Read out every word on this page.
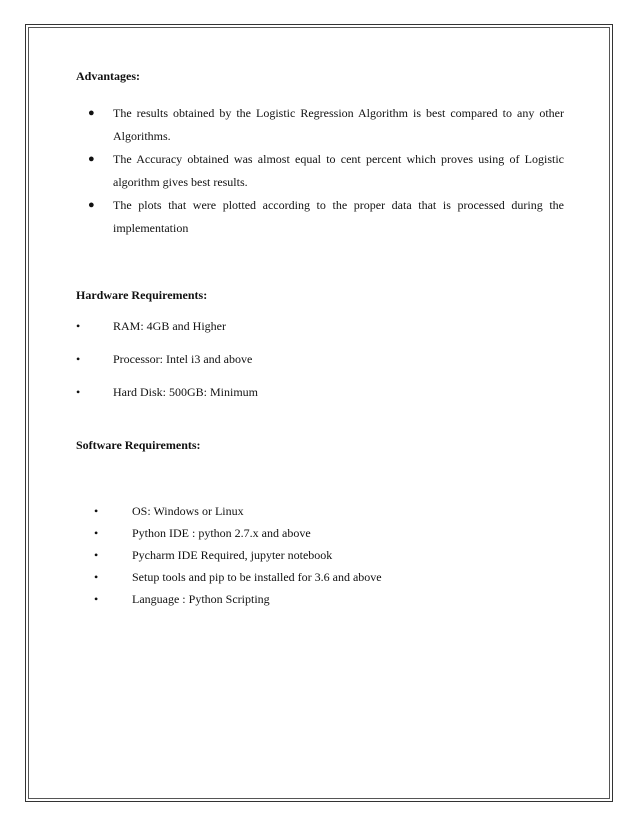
Advantages:

● The results obtained by the Logistic Regression Algorithm is best compared to any other Algorithms.
● The Accuracy obtained was almost equal to cent percent which proves using of Logistic algorithm gives best results.
● The plots that were plotted according to the proper data that is processed during the implementation

Hardware Requirements:

•	RAM: 4GB and Higher
•	Processor: Intel i3 and above
•	Hard Disk: 500GB: Minimum

Software Requirements:

•	OS: Windows or Linux
•	Python IDE : python 2.7.x and above
•	Pycharm IDE Required, jupyter notebook
•	Setup tools and pip to be installed for 3.6 and above
•	Language : Python Scripting
